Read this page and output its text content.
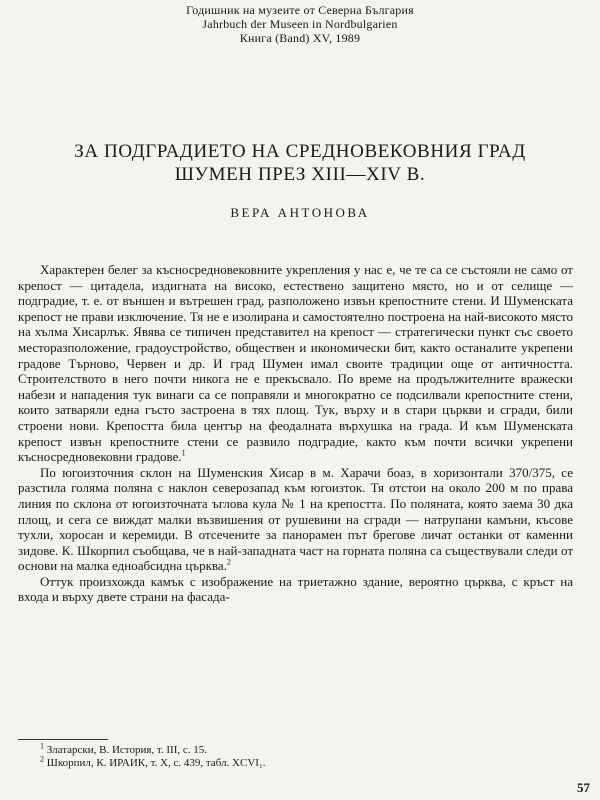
Годишник на музеите от Северна България
Jahrbuch der Museen in Nordbulgarien
Книга (Band) XV, 1989
ЗА ПОДГРАДИЕТО НА СРЕДНОВЕКОВНИЯ ГРАД
ШУМЕН ПРЕЗ XIII—XIV В.
ВЕРА АНТОНОВА

Характерен белег за късносредновековните укрепления у нас е, че те са се състояли не само от крепост — цитадела, издигната на високо, естествено защитено място, но и от селище — подградие, т. е. от външен и вътрешен град, разположено извън крепостните стени. И Шуменската крепост не прави изключение. Тя не е изолирана и самостоятелно построена на най-високото място на хълма Хисарлък. Явява се типичен представител на крепост — стратегически пункт със своето месторазположение, градоустройство, обществен и икономически бит, както останалите укрепени градове Търново, Червен и др. И град Шумен имал своите традиции още от античността. Строителството в него почти никога не е прекъсвало. По време на продължителните вражески набези и нападения тук винаги са се поправяли и многократно се подсилвали крепостните стени, които затваряли една гъсто застроена в тях площ. Тук, върху и в стари църкви и сгради, били строени нови. Крепостта била център на феодалната върхушка на града. И към Шуменската крепост извън крепостните стени се развило подградие, както към почти всички укрепени късносредновековни градове.$^1$

По югоизточния склон на Шуменския Хисар в м. Харачи боаз, в хоризонтали 370/375, се разстила голяма поляна с наклон северозапад към югоизток. Тя отстои на около 200 м по права линия по склона от югоизточната ъглова кула № 1 на крепостта. По поляната, която заема 30 дка площ, и сега се виждат малки възвишения от рушевини на сгради — натрупани камъни, късове тухли, хоросан и керемиди. В отсечените за панорамен път брегове личат останки от каменни зидове. К. Шкорпил съобщава, че в най-западната част на горната поляна са съществували следи от основи на малка едноабсидна църква.$^2$

Оттук произхожда камък с изображение на триетажно здание, вероятно църква, с кръст на входа и върху двете страни на фасада-

$^1$ Златарски, В. История, т. III, с. 15.
$^2$ Шкорпил, К. ИРАИК, т. Х, с. 439, табл. XCVI₁.
57
